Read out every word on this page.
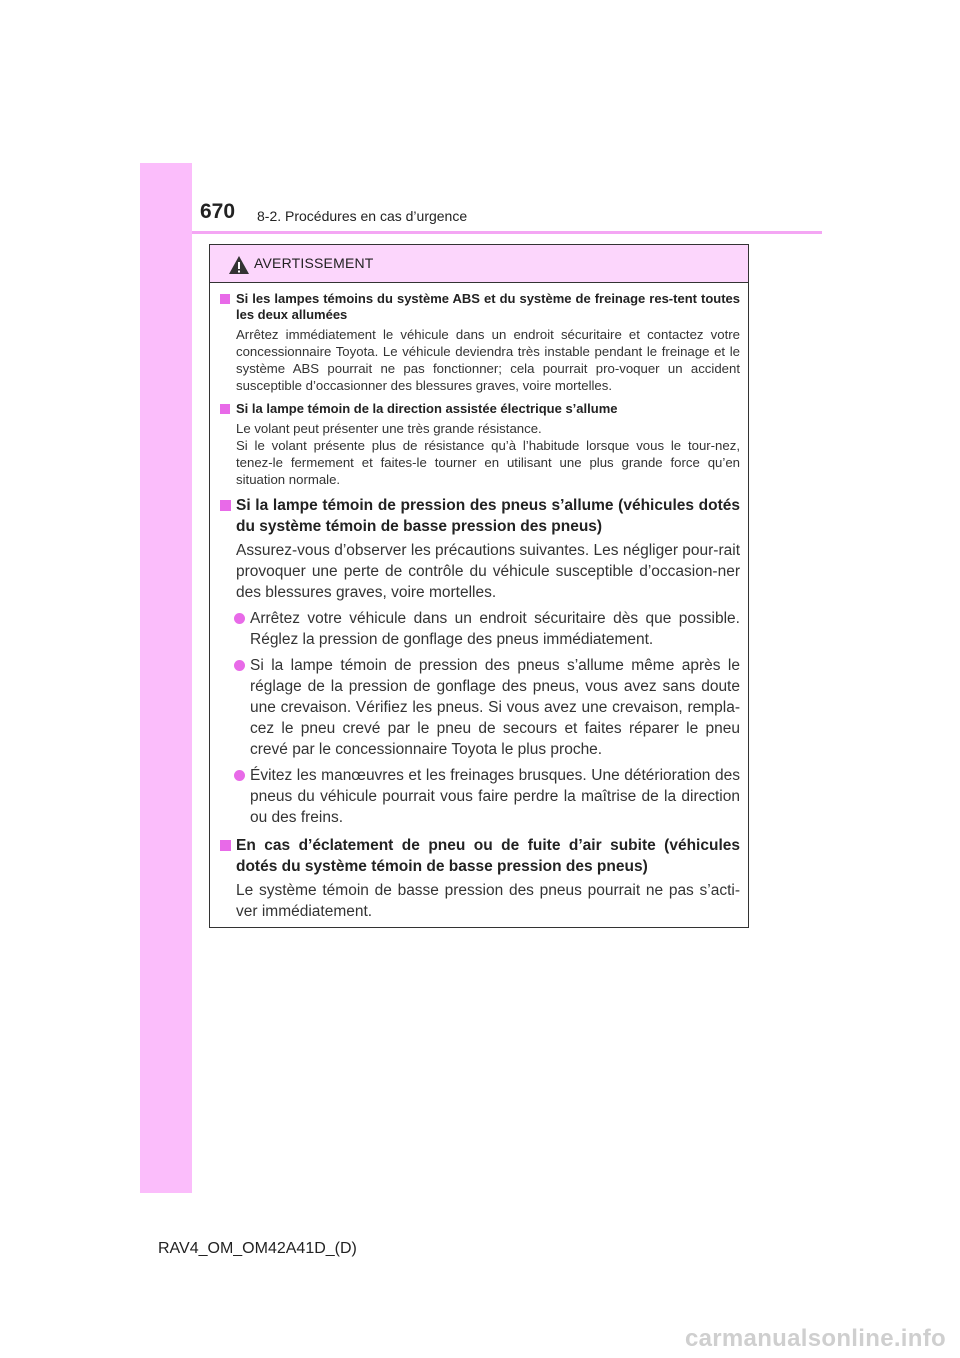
670 8-2. Procédures en cas d’urgence
AVERTISSEMENT
Si les lampes témoins du système ABS et du système de freinage res-tent toutes les deux allumées
Arrêtez immédiatement le véhicule dans un endroit sécuritaire et contactez votre concessionnaire Toyota. Le véhicule deviendra très instable pendant le freinage et le système ABS pourrait ne pas fonctionner; cela pourrait pro-voquer un accident susceptible d’occasionner des blessures graves, voire mortelles.
Si la lampe témoin de la direction assistée électrique s’allume
Le volant peut présenter une très grande résistance.
Si le volant présente plus de résistance qu’à l’habitude lorsque vous le tour-nez, tenez-le fermement et faites-le tourner en utilisant une plus grande force qu’en situation normale.
Si la lampe témoin de pression des pneus s’allume (véhicules dotés du système témoin de basse pression des pneus)
Assurez-vous d’observer les précautions suivantes. Les négliger pour-rait provoquer une perte de contrôle du véhicule susceptible d’occasion-ner des blessures graves, voire mortelles.
Arrêtez votre véhicule dans un endroit sécuritaire dès que possible. Réglez la pression de gonflage des pneus immédiatement.
Si la lampe témoin de pression des pneus s’allume même après le réglage de la pression de gonflage des pneus, vous avez sans doute une crevaison. Vérifiez les pneus. Si vous avez une crevaison, rempla-cez le pneu crevé par le pneu de secours et faites réparer le pneu crevé par le concessionnaire Toyota le plus proche.
Évitez les manœuvres et les freinages brusques. Une détérioration des pneus du véhicule pourrait vous faire perdre la maîtrise de la direction ou des freins.
En cas d’éclatement de pneu ou de fuite d’air subite (véhicules dotés du système témoin de basse pression des pneus)
Le système témoin de basse pression des pneus pourrait ne pas s’acti-ver immédiatement.
RAV4_OM_OM42A41D_(D)
carmanualsonline.info
